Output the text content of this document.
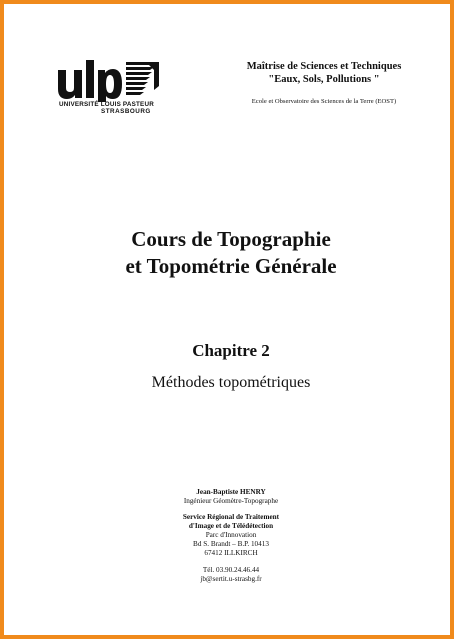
UNIVERSITÉ LOUIS PASTEUR
STRASBOURG
Maîtrise de Sciences et Techniques
"Eaux, Sols, Pollutions "
Ecole et Observatoire des Sciences de la Terre (EOST)
Cours de Topographie
et Topométrie Générale
Chapitre 2
Méthodes topométriques
Jean-Baptiste HENRY
Ingénieur Géomètre-Topographe
Service Régional de Traitement
d'Image et de Télédétection
Parc d'Innovation
Bd S. Brandt – B.P. 10413
67412 ILLKIRCH
Tél. 03.90.24.46.44
jb@sertit.u-strasbg.fr
